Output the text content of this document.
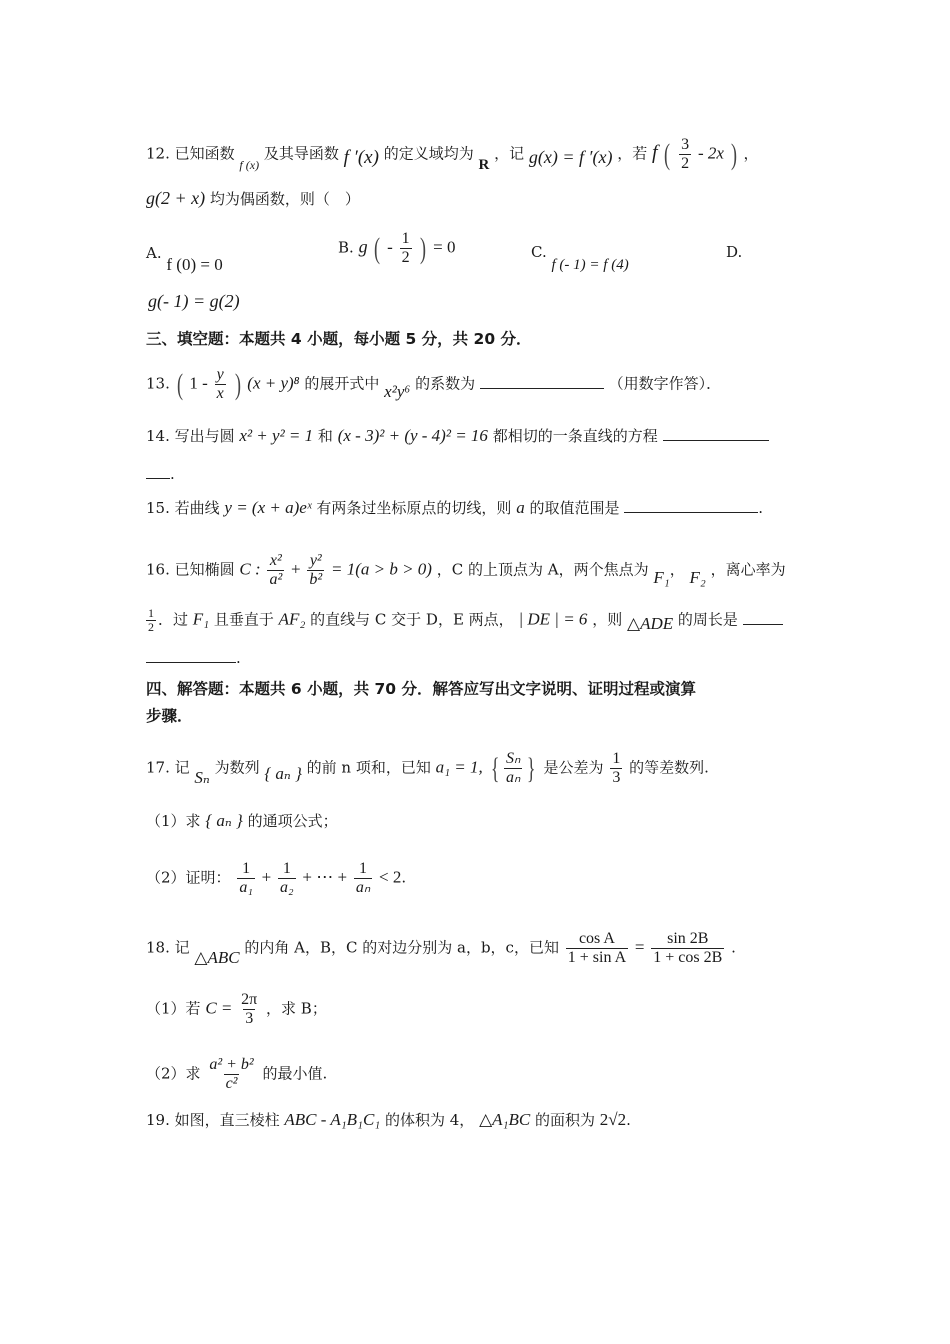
12. 已知函数 $_{f (x)}$ 及其导函数 f ′(x) 的定义域均为 R ，记 g(x) = f ′(x) ，若 f ( $\frac{3}{2} - 2x$ ) ，
g(2 + x) 均为偶函数，则（　）
A. f (0) = 0
B. g ( - $\frac{1}{2}$ ) = 0	C. f (- 1) = f (4)
D.
g(- 1) = g(2)
三、填空题：本题共 4 小题，每小题 5 分，共 20 分．
13. ( $1 - \frac{y}{x}$ ) (x + y)⁸ 的展开式中 x²y⁶ 的系数为	（用数字作答）．
14. 写出与圆 x² + y² = 1 和 (x - 3)² + (y - 4)² = 16 都相切的一条直线的方程
.
15. 若曲线 y = (x + a)eˣ 有两条过坐标原点的切线，则 a 的取值范围是	.
16. 已知椭圆 C : $\frac{\text{x²}}{\text{a²}} + \frac{\text{y²}}{\text{b²}} = 1(a > b > 0)$ ，C 的上顶点为 A，两个焦点为 F₁， F₂ ，离心率为
$\frac{1}{2}$ ．过 F₁ 且垂直于 AF₂ 的直线与 C 交于 D，E 两点， | DE | = 6 ，则 △ADE 的周长是
.
四、解答题：本题共 6 小题，共 70 分．解答应写出文字说明、证明过程或演算
步骤．
17. 记 Sₙ 为数列 { aₙ } 的前 n 项和，已知 a₁ = 1, { $\frac{\text{Sₙ}}{\text{aₙ}}$ } 是公差为 $\frac{1}{3}$ 的等差数列.
（1）求 { aₙ } 的通项公式；
（2）证明： $\frac{1}{\text{a₁}} + \frac{1}{\text{a₂}}$ + ⋯ + $\frac{1}{\text{aₙ}} < 2$.
18. 记 △ABC 的内角 A，B，C 的对边分别为 a，b，c，已知 $\frac{\text{cos A}}{\text{1 + sin A}} = \frac{\sin 2B}{1 + \cos 2B}$ .
（1）若 $C = \frac{2\pi}{3}$ ，求 B；
（2）求 $\frac{\text{a² + b²}}{\text{c²}}$ 的最小值.
19. 如图，直三棱柱 ABC - A₁B₁C₁ 的体积为 4， △A₁BC 的面积为 2√2.
